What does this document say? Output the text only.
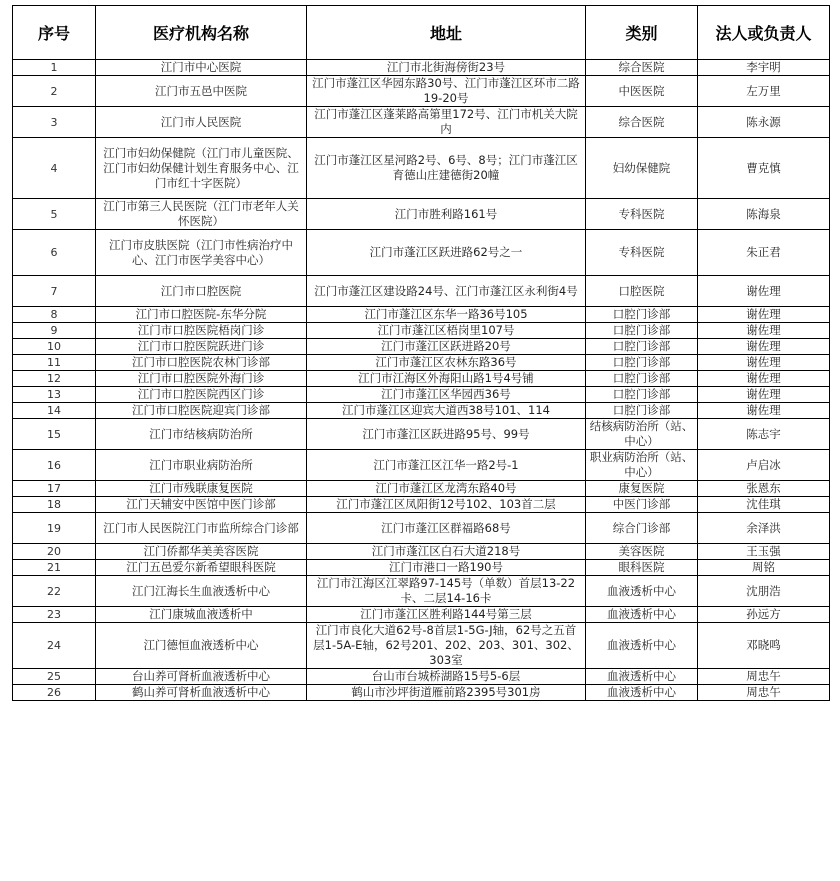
序号	医疗机构名称	地址	类别	法人或负责人
1	江门市中心医院	江门市北街海傍街23号	综合医院	李宇明
2	江门市五邑中医院	江门市蓬江区华园东路30号、江门市蓬江区环市二路19-20号	中医医院	左万里
3	江门市人民医院	江门市蓬江区蓬莱路高第里172号、江门市机关大院内	综合医院	陈永源
4	江门市妇幼保健院（江门市儿童医院、江门市妇幼保健计划生育服务中心、江门市红十字医院）	江门市蓬江区星河路2号、6号、8号；江门市蓬江区育德山庄建德街20幢	妇幼保健院	曹克慎
5	江门市第三人民医院（江门市老年人关怀医院）	江门市胜利路161号	专科医院	陈海泉
6	江门市皮肤医院（江门市性病治疗中心、江门市医学美容中心）	江门市蓬江区跃进路62号之一	专科医院	朱正君
7	江门市口腔医院	江门市蓬江区建设路24号、江门市蓬江区永利街4号	口腔医院	谢佐理
8	江门市口腔医院-东华分院	江门市蓬江区东华一路36号105	口腔门诊部	谢佐理
9	江门市口腔医院梧岗门诊	江门市蓬江区梧岗里107号	口腔门诊部	谢佐理
10	江门市口腔医院跃进门诊	江门市蓬江区跃进路20号	口腔门诊部	谢佐理
11	江门市口腔医院农林门诊部	江门市蓬江区农林东路36号	口腔门诊部	谢佐理
12	江门市口腔医院外海门诊	江门市江海区外海阳山路1号4号铺	口腔门诊部	谢佐理
13	江门市口腔医院西区门诊	江门市蓬江区华园西36号	口腔门诊部	谢佐理
14	江门市口腔医院迎宾门诊部	江门市蓬江区迎宾大道西38号101、114	口腔门诊部	谢佐理
15	江门市结核病防治所	江门市蓬江区跃进路95号、99号	结核病防治所（站、中心）	陈志宇
16	江门市职业病防治所	江门市蓬江区江华一路2号-1	职业病防治所（站、中心）	卢启冰
17	江门市残联康复医院	江门市蓬江区龙湾东路40号	康复医院	张恩东
18	江门天辅安中医馆中医门诊部	江门市蓬江区凤阳街12号102、103首二层	中医门诊部	沈佳琪
19	江门市人民医院江门市监所综合门诊部	江门市蓬江区群福路68号	综合门诊部	余泽洪
20	江门侨都华美美容医院	江门市蓬江区白石大道218号	美容医院	王玉强
21	江门五邑爱尔新希望眼科医院	江门市港口一路190号	眼科医院	周铭
22	江门江海长生血液透析中心	江门市江海区江翠路97-145号（单数）首层13-22卡、二层14-16卡	血液透析中心	沈朋浩
23	江门康城血液透析中	江门市蓬江区胜利路144号第三层	血液透析中心	孙远方
24	江门德恒血液透析中心	江门市良化大道62号-8首层1-5G-J轴，62号之五首层1-5A-E轴，62号201、202、203、301、302、303室	血液透析中心	邓晓鸣
25	台山养可肾析血液透析中心	台山市台城桥湖路15号5-6层	血液透析中心	周忠午
26	鹤山养可肾析血液透析中心	鹤山市沙坪街道雁前路2395号301房	血液透析中心	周忠午
